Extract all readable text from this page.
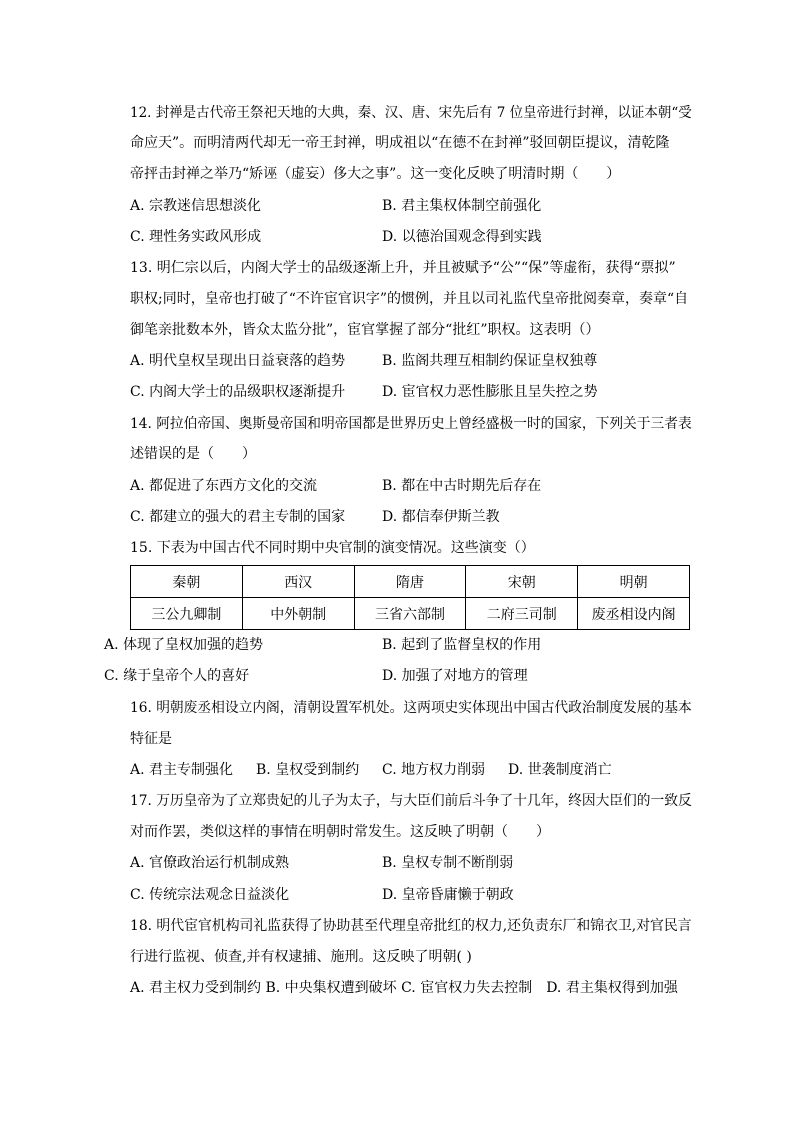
12. 封禅是古代帝王祭祀天地的大典，秦、汉、唐、宋先后有 7 位皇帝进行封禅，以证本朝“受
命应天”。而明清两代却无一帝王封禅，明成祖以“在德不在封禅”驳回朝臣提议，清乾隆
帝抨击封禅之举乃“矫诬（虚妄）侈大之事”。这一变化反映了明清时期（　　）
A. 宗教迷信思想淡化	B. 君主集权体制空前强化
C. 理性务实政风形成	D. 以德治国观念得到实践
13. 明仁宗以后，内阁大学士的品级逐渐上升，并且被赋予“公”“保”等虚衔，获得“票拟”
职权;同时，皇帝也打破了“不许宦官识字”的惯例，并且以司礼监代皇帝批阅奏章，奏章“自
御笔亲批数本外，皆众太监分批”，宦官掌握了部分“批红”职权。这表明（）
A. 明代皇权呈现出日益衰落的趋势	B. 监阁共理互相制约保证皇权独尊
C. 内阁大学士的品级职权逐渐提升	D. 宦官权力恶性膨胀且呈失控之势
14. 阿拉伯帝国、奥斯曼帝国和明帝国都是世界历史上曾经盛极一时的国家，下列关于三者表
述错误的是（　　）
A. 都促进了东西方文化的交流	B. 都在中古时期先后存在
C. 都建立的强大的君主专制的国家	D. 都信奉伊斯兰教
15. 下表为中国古代不同时期中央官制的演变情况。这些演变（）
秦朝	西汉	隋唐	宋朝	明朝
三公九卿制	中外朝制	三省六部制	二府三司制	废丞相设内阁
A. 体现了皇权加强的趋势	B. 起到了监督皇权的作用
C. 缘于皇帝个人的喜好	D. 加强了对地方的管理
16. 明朝废丞相设立内阁，清朝设置军机处。这两项史实体现出中国古代政治制度发展的基本
特征是
A. 君主专制强化 B. 皇权受到制约 C. 地方权力削弱 D. 世袭制度消亡
17. 万历皇帝为了立郑贵妃的儿子为太子，与大臣们前后斗争了十几年，终因大臣们的一致反
对而作罢，类似这样的事情在明朝时常发生。这反映了明朝（　　）
A. 官僚政治运行机制成熟	B. 皇权专制不断削弱
C. 传统宗法观念日益淡化	D. 皇帝昏庸懒于朝政
18. 明代宦官机构司礼监获得了协助甚至代理皇帝批红的权力,还负责东厂和锦衣卫,对官民言
行进行监视、侦查,并有权逮捕、施刑。这反映了明朝( )
A. 君主权力受到制约 B. 中央集权遭到破坏 C. 宦官权力失去控制　D. 君主集权得到加强
